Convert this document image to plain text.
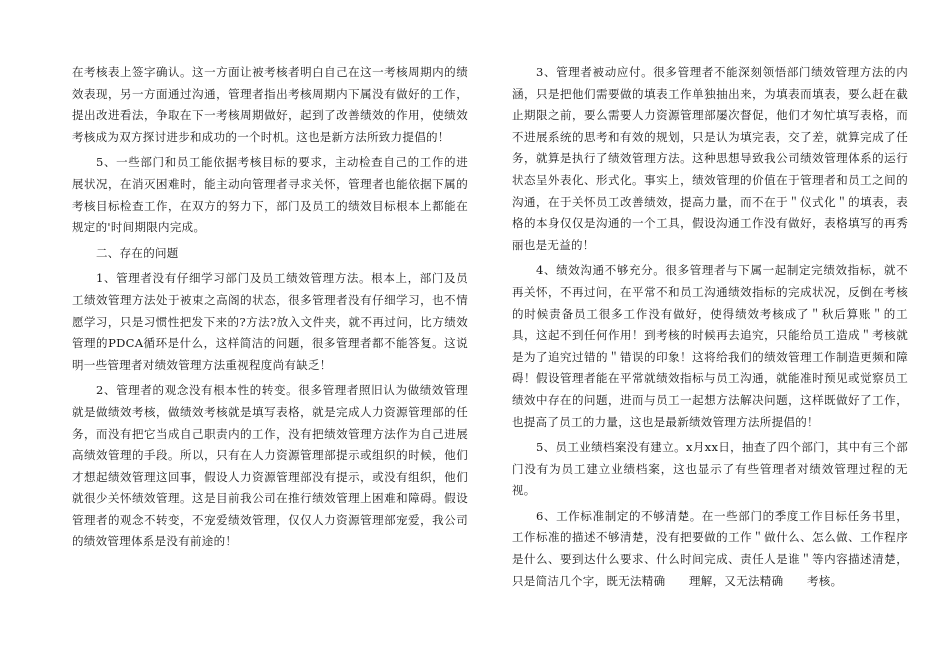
在考核表上签字确认。这一方面让被考核者明白自己在这一考核周期内的绩效表现，另一方面通过沟通，管理者指出考核周期内下属没有做好的工作，提出改进看法，争取在下一考核周期做好，起到了改善绩效的作用，使绩效考核成为双方探讨进步和成功的一个时机。这也是新方法所致力提倡的！

5、一些部门和员工能依据考核目标的要求，主动检查自己的工作的进展状况，在消灭困难时，能主动向管理者寻求关怀，管理者也能依据下属的考核目标检查工作，在双方的努力下，部门及员工的绩效目标根本上都能在规定的'时间期限内完成。

二、存在的问题

1、管理者没有仔细学习部门及员工绩效管理方法。根本上，部门及员工绩效管理方法处于被束之高阁的状态，很多管理者没有仔细学习，也不情愿学习，只是习惯性把发下来的?方法?放入文件夹，就不再过问，比方绩效管理的PDCA循环是什么，这样简洁的问题，很多管理者都不能答复。这说明一些管理者对绩效管理方法重视程度尚有缺乏！

2、管理者的观念没有根本性的转变。很多管理者照旧认为做绩效管理就是做绩效考核，做绩效考核就是填写表格，就是完成人力资源管理部的任务，而没有把它当成自己职责内的工作，没有把绩效管理方法作为自己进展高绩效管理的手段。所以，只有在人力资源管理部提示或组织的时候，他们才想起绩效管理这回事，假设人力资源管理部没有提示，或没有组织，他们就很少关怀绩效管理。这是目前我公司在推行绩效管理上困难和障碍。假设管理者的观念不转变，不宠爱绩效管理，仅仅人力资源管理部宠爱，我公司的绩效管理体系是没有前途的！

3、管理者被动应付。很多管理者不能深刻领悟部门绩效管理方法的内涵，只是把他们需要做的填表工作单独抽出来，为填表而填表，要么赶在截止期限之前，要么需要人力资源管理部屡次督促，他们才匆忙填写表格，而不进展系统的思考和有效的规划，只是认为填完表，交了差，就算完成了任务，就算是执行了绩效管理方法。这种思想导致我公司绩效管理体系的运行状态呈外表化、形式化。事实上，绩效管理的价值在于管理者和员工之间的沟通，在于关怀员工改善绩效，提高力量，而不在于＂仪式化＂的填表，表格的本身仅仅是沟通的一个工具，假设沟通工作没有做好，表格填写的再秀丽也是无益的！

4、绩效沟通不够充分。很多管理者与下属一起制定完绩效指标，就不再关怀，不再过问，在平常不和员工沟通绩效指标的完成状况，反倒在考核的时候责备员工很多工作没有做好，使得绩效考核成了＂秋后算账＂的工具，这起不到任何作用！到考核的时候再去追究，只能给员工造成＂考核就是为了追究过错的＂错误的印象！这将给我们的绩效管理工作制造更频和障碍！假设管理者能在平常就绩效指标与员工沟通，就能准时预见或觉察员工绩效中存在的问题，进而与员工一起想方法解决问题，这样既做好了工作，也提高了员工的力量，这也是最新绩效管理方法所提倡的！

5、员工业绩档案没有建立。x月xx日，抽查了四个部门，其中有三个部门没有为员工建立业绩档案，这也显示了有些管理者对绩效管理过程的无视。

6、工作标准制定的不够清楚。在一些部门的季度工作目标任务书里，工作标准的描述不够清楚，没有把要做的工作＂做什么、怎么做、工作程序是什么、要到达什么要求、什么时间完成、责任人是谁＂等内容描述清楚，只是简洁几个字，既无法精确　　理解，又无法精确　　考核。
